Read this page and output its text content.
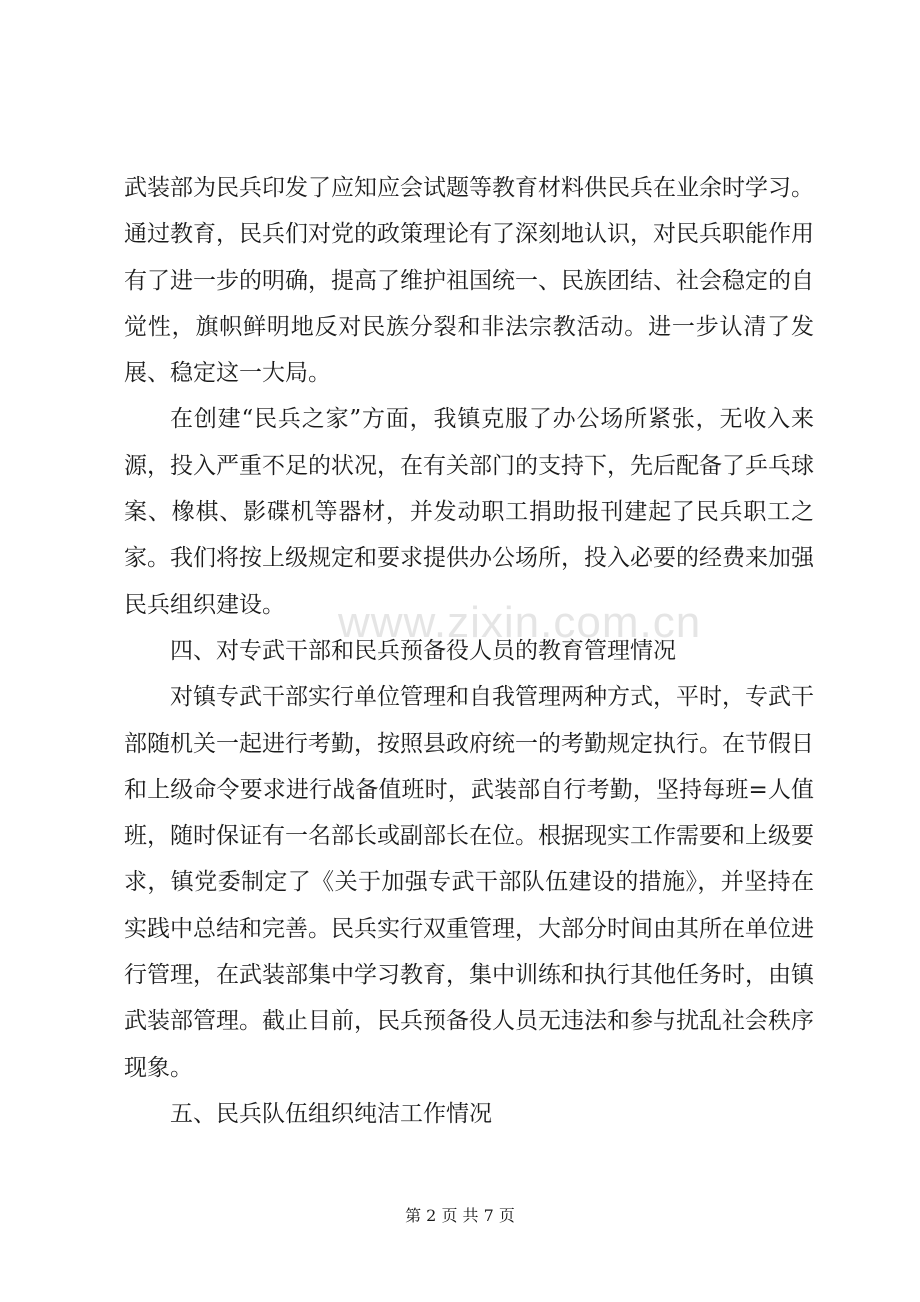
武装部为民兵印发了应知应会试题等教育材料供民兵在业余时学习。通过教育，民兵们对党的政策理论有了深刻地认识，对民兵职能作用有了进一步的明确，提高了维护祖国统一、民族团结、社会稳定的自觉性，旗帜鲜明地反对民族分裂和非法宗教活动。进一步认清了发展、稳定这一大局。

在创建“民兵之家”方面，我镇克服了办公场所紧张，无收入来源，投入严重不足的状况，在有关部门的支持下，先后配备了乒乓球案、橡棋、影碟机等器材，并发动职工捐助报刊建起了民兵职工之家。我们将按上级规定和要求提供办公场所，投入必要的经费来加强民兵组织建设。

四、对专武干部和民兵预备役人员的教育管理情况

对镇专武干部实行单位管理和自我管理两种方式，平时，专武干部随机关一起进行考勤，按照县政府统一的考勤规定执行。在节假日和上级命令要求进行战备值班时，武装部自行考勤，坚持每班=人值班，随时保证有一名部长或副部长在位。根据现实工作需要和上级要求，镇党委制定了《关于加强专武干部队伍建设的措施》，并坚持在实践中总结和完善。民兵实行双重管理，大部分时间由其所在单位进行管理，在武装部集中学习教育，集中训练和执行其他任务时，由镇武装部管理。截止目前，民兵预备役人员无违法和参与扰乱社会秩序现象。

五、民兵队伍组织纯洁工作情况

www.zixin.com.cn
第 2 页 共 7 页
